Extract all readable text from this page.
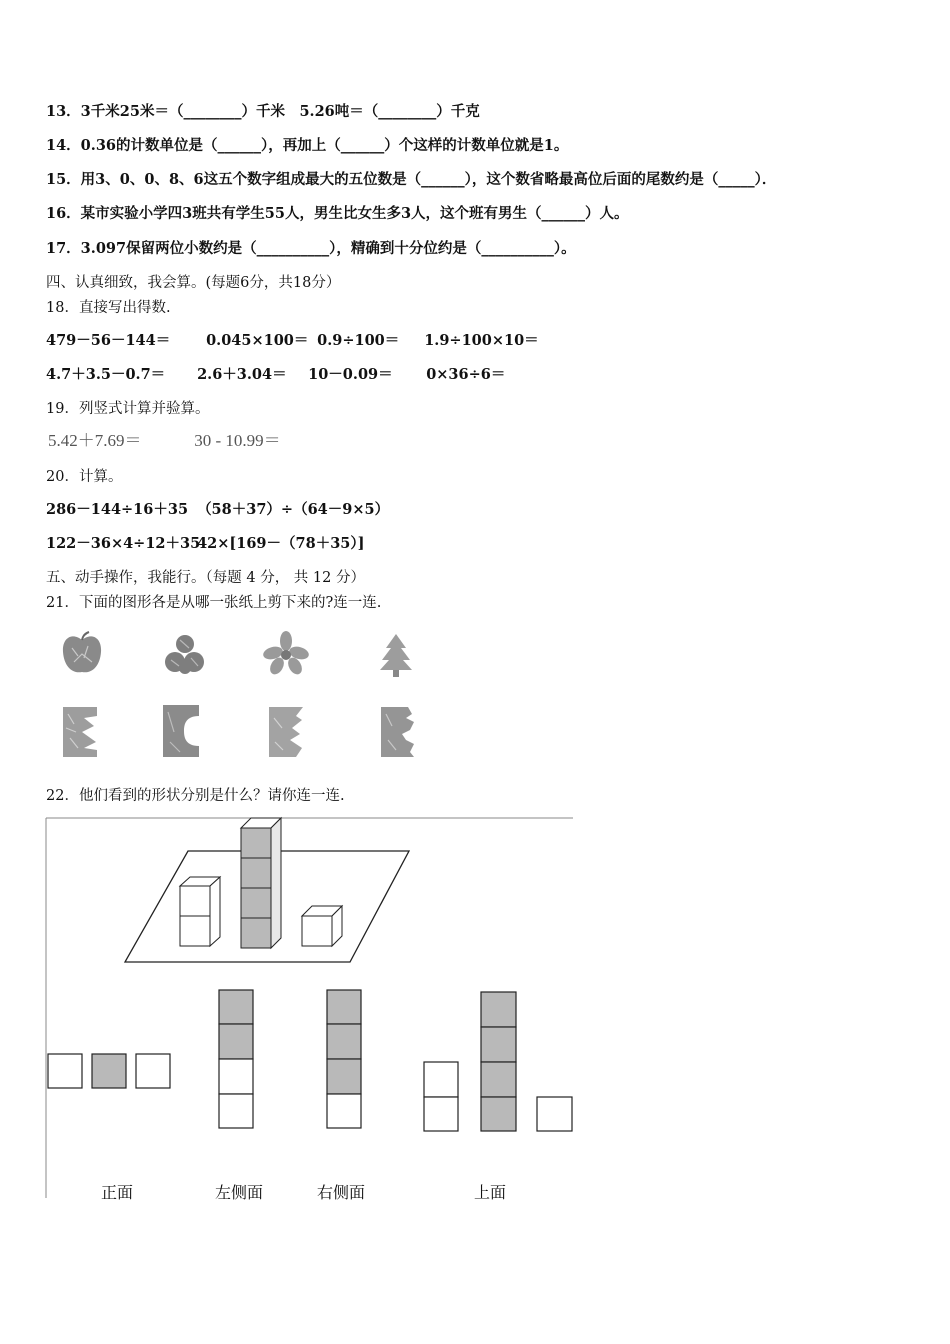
13．3千米25米＝（________）千米　5.26吨＝（________）千克
14．0.36的计数单位是（______），再加上（______）个这样的计数单位就是1。
15．用3、0、0、8、6这五个数字组成最大的五位数是（______），这个数省略最高位后面的尾数约是（_____）．
16．某市实验小学四3班共有学生55人，男生比女生多3人，这个班有男生（______）人。
17．3.097保留两位小数约是（__________），精确到十分位约是（__________）。
四、认真细致，我会算。(每题6分，共18分）
18．直接写出得数.
479－56－144＝ 0.045×100＝ 0.9÷100＝ 1.9÷100×10＝
4.7＋3.5－0.7＝ 2.6＋3.04＝ 10－0.09＝ 0×36÷6＝
19．列竖式计算并验算。
5.42＋7.69＝	30 - 10.99＝
20．计算。
286－144÷16＋35 （58＋37）÷（64－9×5）
122－36×4÷12＋35 42×[169－（78＋35）]
五、动手操作，我能行。（每题 4 分， 共 12 分）
21．下面的图形各是从哪一张纸上剪下来的?连一连.
22．他们看到的形状分别是什么？请你连一连.
正面	左侧面	右侧面	上面
